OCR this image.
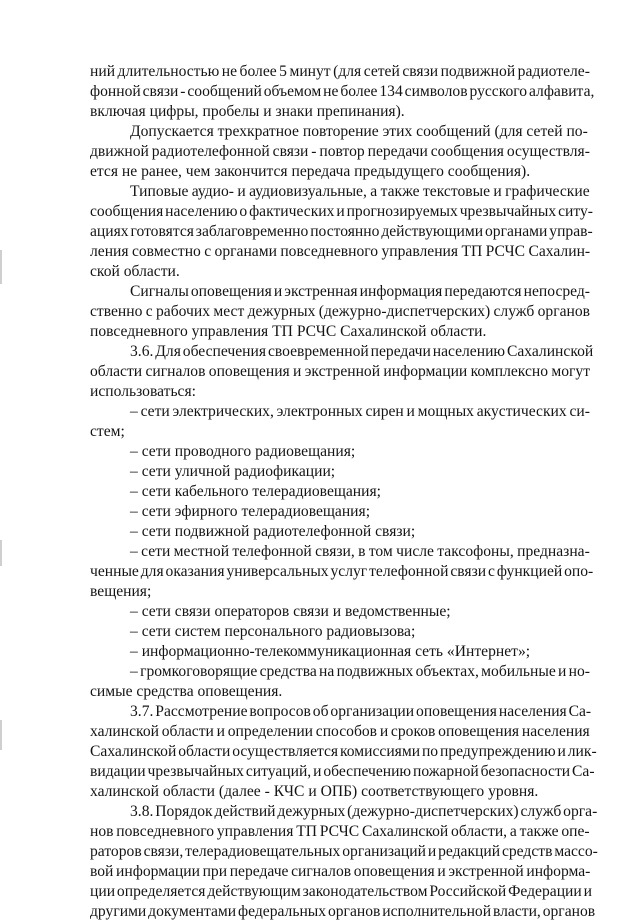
ний длительностью не более 5 минут (для сетей связи подвижной радиотеле-
фонной связи - сообщений объемом не более 134 символов русского алфавита,
включая цифры, пробелы и знаки препинания).
Допускается трехкратное повторение этих сообщений (для сетей по-
движной радиотелефонной связи - повтор передачи сообщения осуществля-
ется не ранее, чем закончится передача предыдущего сообщения).
Типовые аудио- и аудиовизуальные, а также текстовые и графические
сообщения населению о фактических и прогнозируемых чрезвычайных ситу-
ациях готовятся заблаговременно постоянно действующими органами управ-
ления совместно с органами повседневного управления ТП РСЧС Сахалин-
ской области.
Сигналы оповещения и экстренная информация передаются непосред-
ственно с рабочих мест дежурных (дежурно-диспетчерских) служб органов
повседневного управления ТП РСЧС Сахалинской области.
3.6. Для обеспечения своевременной передачи населению Сахалинской
области сигналов оповещения и экстренной информации комплексно могут
использоваться:
– сети электрических, электронных сирен и мощных акустических си-
стем;
– сети проводного радиовещания;
– сети уличной радиофикации;
– сети кабельного телерадиовещания;
– сети эфирного телерадиовещания;
– сети подвижной радиотелефонной связи;
– сети местной телефонной связи, в том числе таксофоны, предназна-
ченные для оказания универсальных услуг телефонной связи с функцией опо-
вещения;
– сети связи операторов связи и ведомственные;
– сети систем персонального радиовызова;
– информационно-телекоммуникационная сеть «Интернет»;
– громкоговорящие средства на подвижных объектах, мобильные и но-
симые средства оповещения.
3.7. Рассмотрение вопросов об организации оповещения населения Са-
халинской области и определении способов и сроков оповещения населения
Сахалинской области осуществляется комиссиями по предупреждению и лик-
видации чрезвычайных ситуаций, и обеспечению пожарной безопасности Са-
халинской области (далее - КЧС и ОПБ) соответствующего уровня.
3.8. Порядок действий дежурных (дежурно-диспетчерских) служб орга-
нов повседневного управления ТП РСЧС Сахалинской области, а также опе-
раторов связи, телерадиовещательных организаций и редакций средств массо-
вой информации при передаче сигналов оповещения и экстренной информа-
ции определяется действующим законодательством Российской Федерации и
другими документами федеральных органов исполнительной власти, органов
